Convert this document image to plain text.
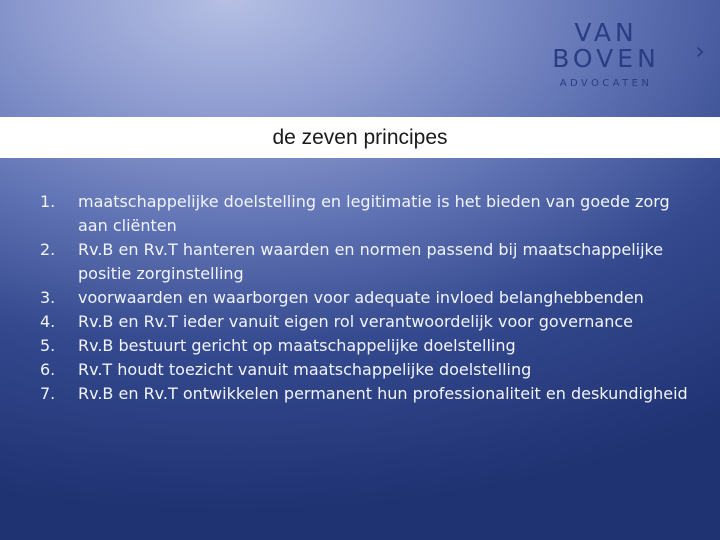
VAN
BOVEN
ADVOCATEN
›
de zeven principes
1.	maatschappelijke doelstelling en legitimatie is het bieden van goede zorg aan cliënten
2.	Rv.B en Rv.T hanteren waarden en normen passend bij maatschappelijke positie zorginstelling
3.	voorwaarden en waarborgen voor adequate invloed belanghebbenden
4.	Rv.B en Rv.T ieder vanuit eigen rol verantwoordelijk voor governance
5.	Rv.B bestuurt gericht op maatschappelijke doelstelling
6.	Rv.T houdt toezicht vanuit maatschappelijke doelstelling
7.	Rv.B en Rv.T ontwikkelen permanent hun professionaliteit en deskundigheid
